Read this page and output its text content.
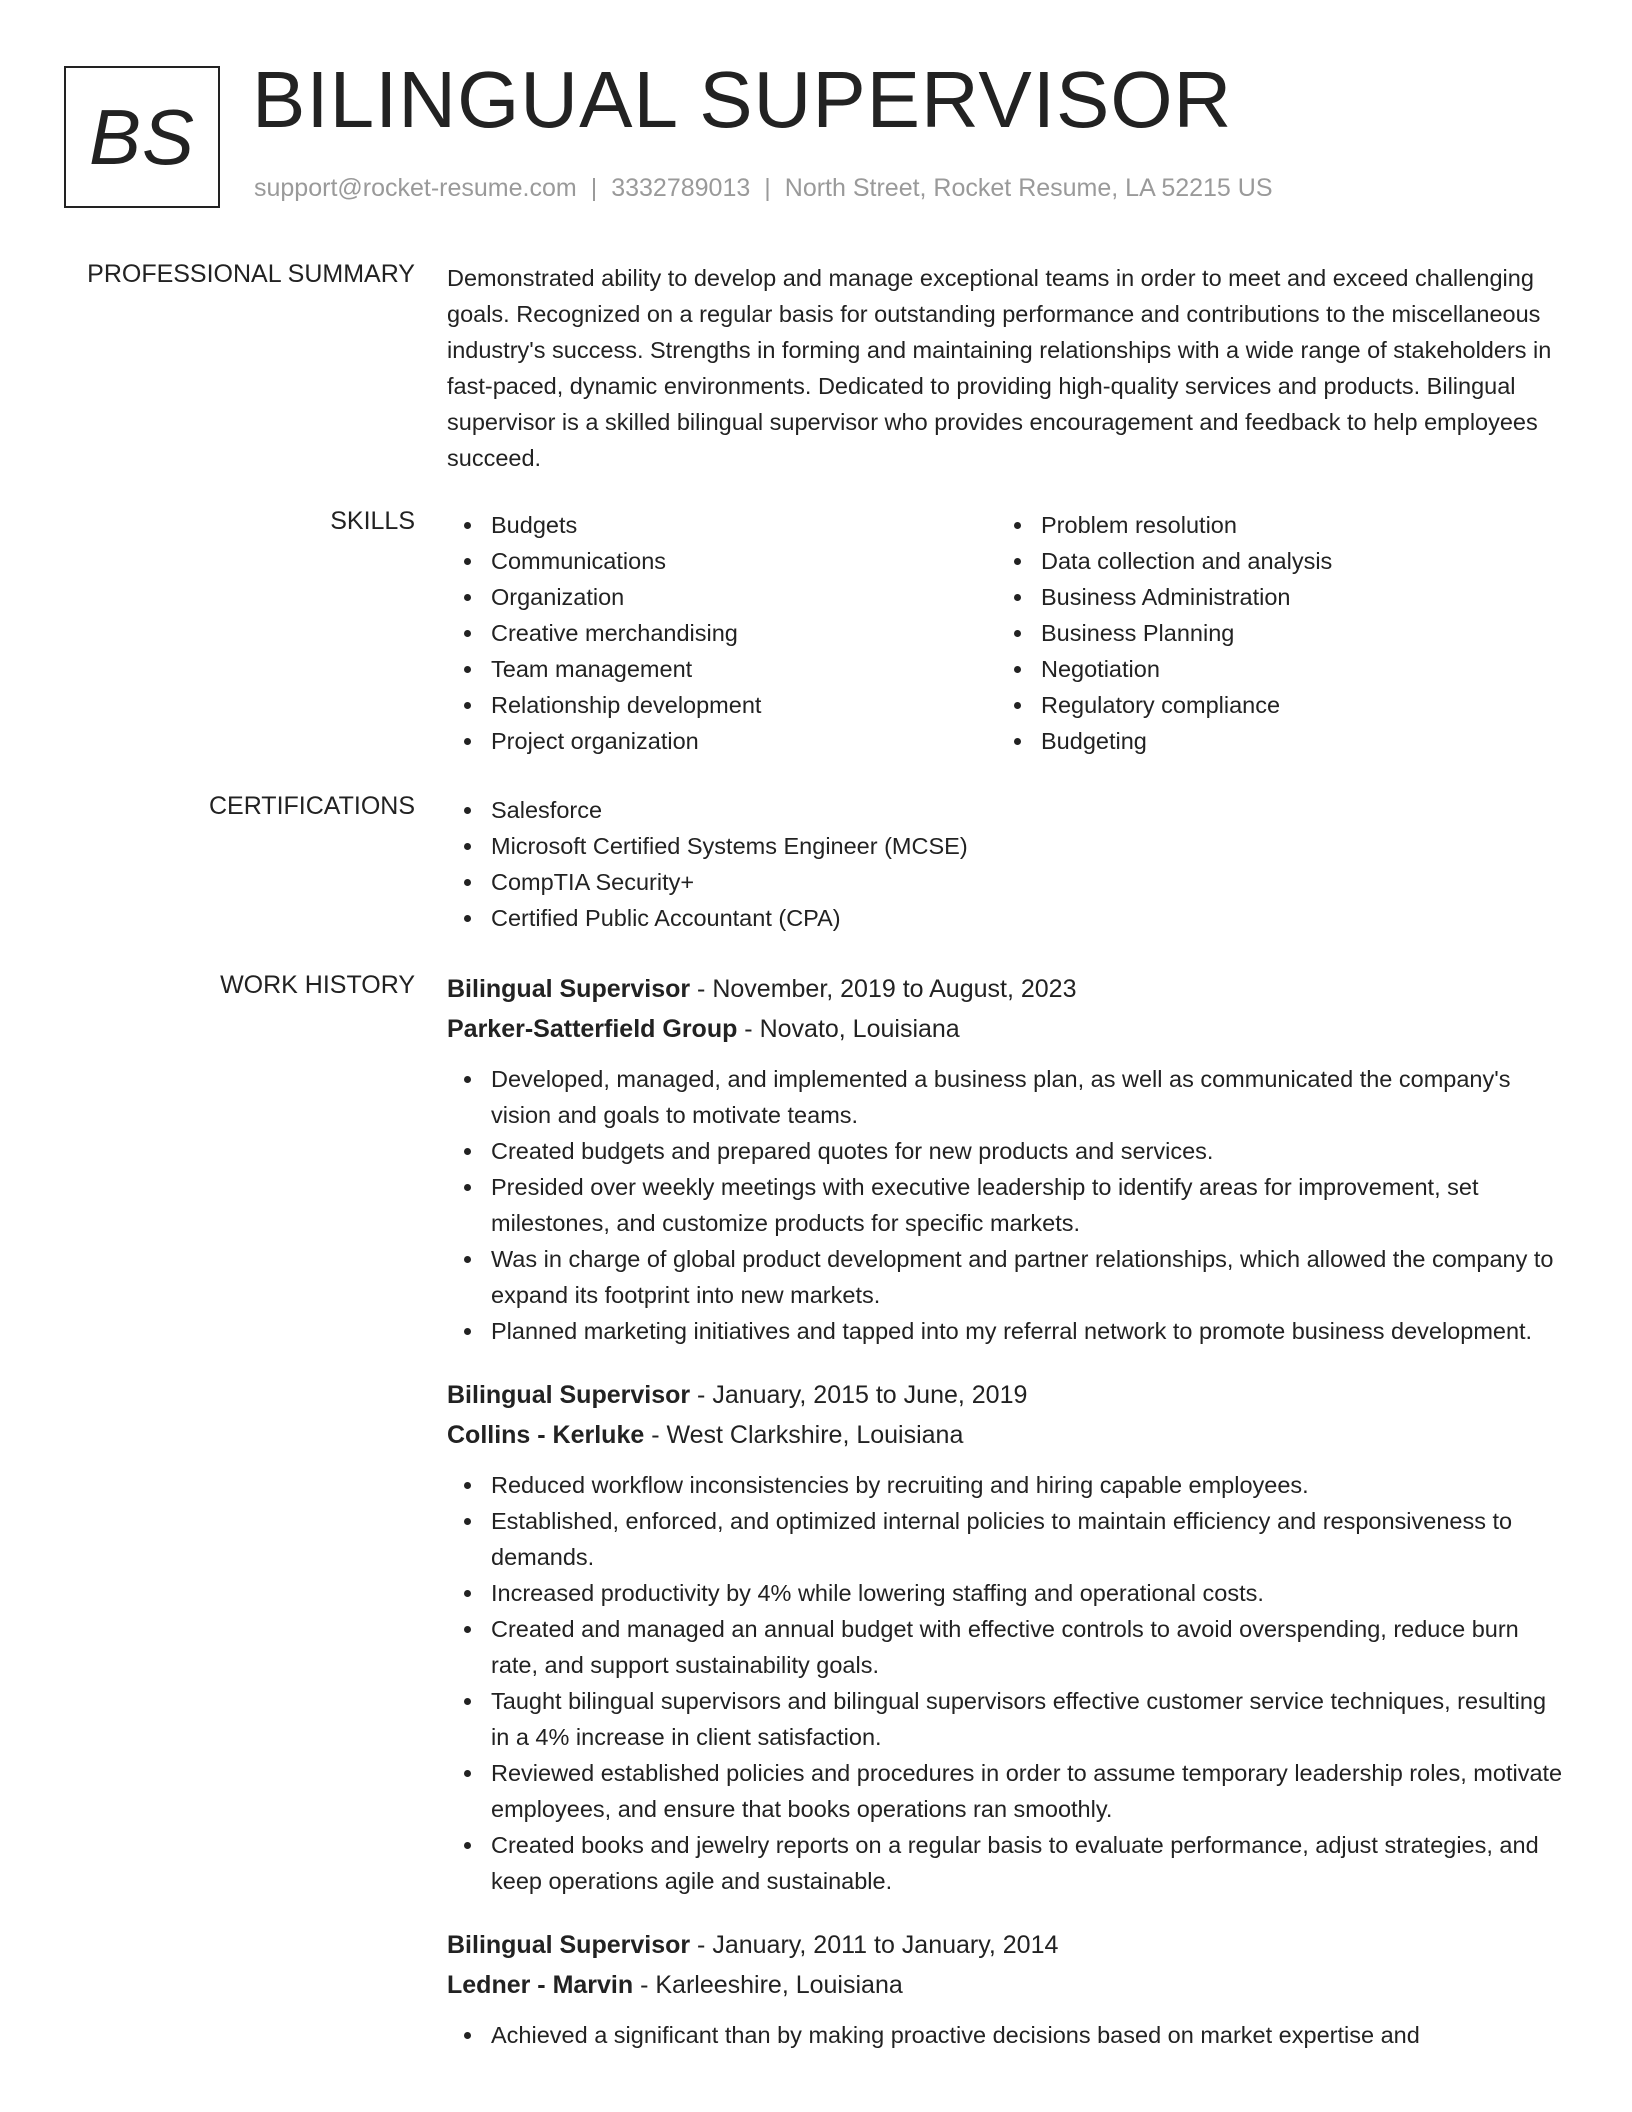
BS BILINGUAL SUPERVISOR
support@rocket-resume.com | 3332789013 | North Street, Rocket Resume, LA 52215 US
PROFESSIONAL SUMMARY Demonstrated ability to develop and manage exceptional teams in order to meet and exceed challenging goals. Recognized on a regular basis for outstanding performance and contributions to the miscellaneous industry's success. Strengths in forming and maintaining relationships with a wide range of stakeholders in fast-paced, dynamic environments. Dedicated to providing high-quality services and products. Bilingual supervisor is a skilled bilingual supervisor who provides encouragement and feedback to help employees succeed.
SKILLS	Budgets
Communications
Organization
Creative merchandising
Team management
Relationship development
Project organization
Problem resolution
Data collection and analysis
Business Administration
Business Planning
Negotiation
Regulatory compliance
Budgeting
CERTIFICATIONS	Salesforce
Microsoft Certified Systems Engineer (MCSE)
CompTIA Security+
Certified Public Accountant (CPA)
WORK HISTORY Bilingual Supervisor - November, 2019 to August, 2023
Parker-Satterfield Group - Novato, Louisiana
Developed, managed, and implemented a business plan, as well as communicated the company's vision and goals to motivate teams.
Created budgets and prepared quotes for new products and services.
Presided over weekly meetings with executive leadership to identify areas for improvement, set milestones, and customize products for specific markets.
Was in charge of global product development and partner relationships, which allowed the company to expand its footprint into new markets.
Planned marketing initiatives and tapped into my referral network to promote business development.
Bilingual Supervisor - January, 2015 to June, 2019
Collins - Kerluke - West Clarkshire, Louisiana
Reduced workflow inconsistencies by recruiting and hiring capable employees.
Established, enforced, and optimized internal policies to maintain efficiency and responsiveness to demands.
Increased productivity by 4% while lowering staffing and operational costs.
Created and managed an annual budget with effective controls to avoid overspending, reduce burn rate, and support sustainability goals.
Taught bilingual supervisors and bilingual supervisors effective customer service techniques, resulting in a 4% increase in client satisfaction.
Reviewed established policies and procedures in order to assume temporary leadership roles, motivate employees, and ensure that books operations ran smoothly.
Created books and jewelry reports on a regular basis to evaluate performance, adjust strategies, and keep operations agile and sustainable.
Bilingual Supervisor - January, 2011 to January, 2014
Ledner - Marvin - Karleeshire, Louisiana
Achieved a significant than by making proactive decisions based on market expertise and
